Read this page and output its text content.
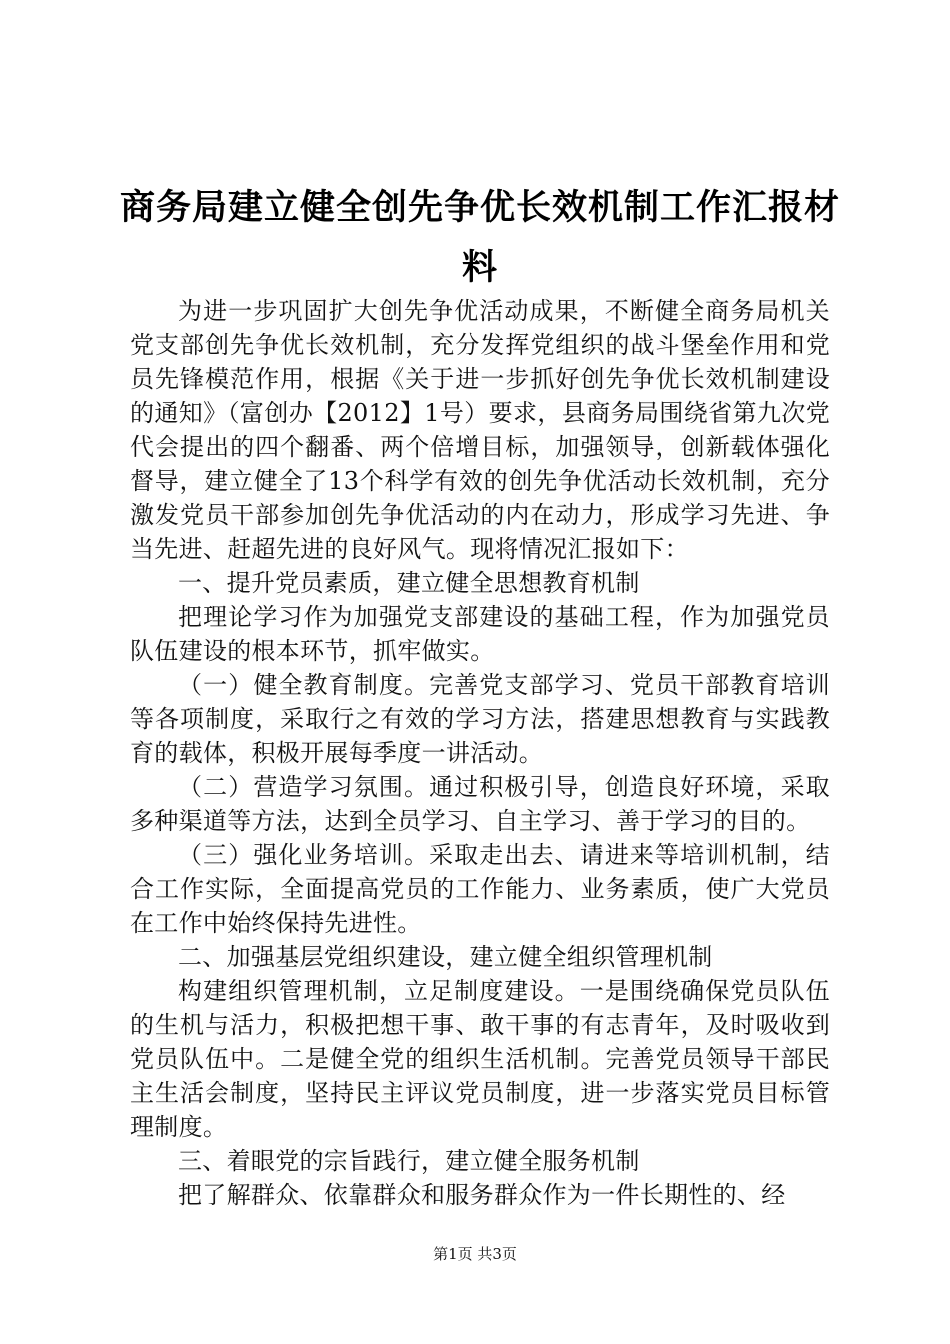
商务局建立健全创先争优长效机制工作汇报材料

为进一步巩固扩大创先争优活动成果，不断健全商务局机关党支部创先争优长效机制，充分发挥党组织的战斗堡垒作用和党员先锋模范作用，根据《关于进一步抓好创先争优长效机制建设的通知》（富创办【2012】1号）要求，县商务局围绕省第九次党代会提出的四个翻番、两个倍增目标，加强领导，创新载体强化督导，建立健全了13个科学有效的创先争优活动长效机制，充分激发党员干部参加创先争优活动的内在动力，形成学习先进、争当先进、赶超先进的良好风气。现将情况汇报如下：

一、提升党员素质，建立健全思想教育机制

把理论学习作为加强党支部建设的基础工程，作为加强党员队伍建设的根本环节，抓牢做实。

（一）健全教育制度。完善党支部学习、党员干部教育培训等各项制度，采取行之有效的学习方法，搭建思想教育与实践教育的载体，积极开展每季度一讲活动。

（二）营造学习氛围。通过积极引导，创造良好环境，采取多种渠道等方法，达到全员学习、自主学习、善于学习的目的。

（三）强化业务培训。采取走出去、请进来等培训机制，结合工作实际，全面提高党员的工作能力、业务素质，使广大党员在工作中始终保持先进性。

二、加强基层党组织建设，建立健全组织管理机制

构建组织管理机制，立足制度建设。一是围绕确保党员队伍的生机与活力，积极把想干事、敢干事的有志青年，及时吸收到党员队伍中。二是健全党的组织生活机制。完善党员领导干部民主生活会制度，坚持民主评议党员制度，进一步落实党员目标管理制度。

三、着眼党的宗旨践行，建立健全服务机制

把了解群众、依靠群众和服务群众作为一件长期性的、经

第1页 共3页
